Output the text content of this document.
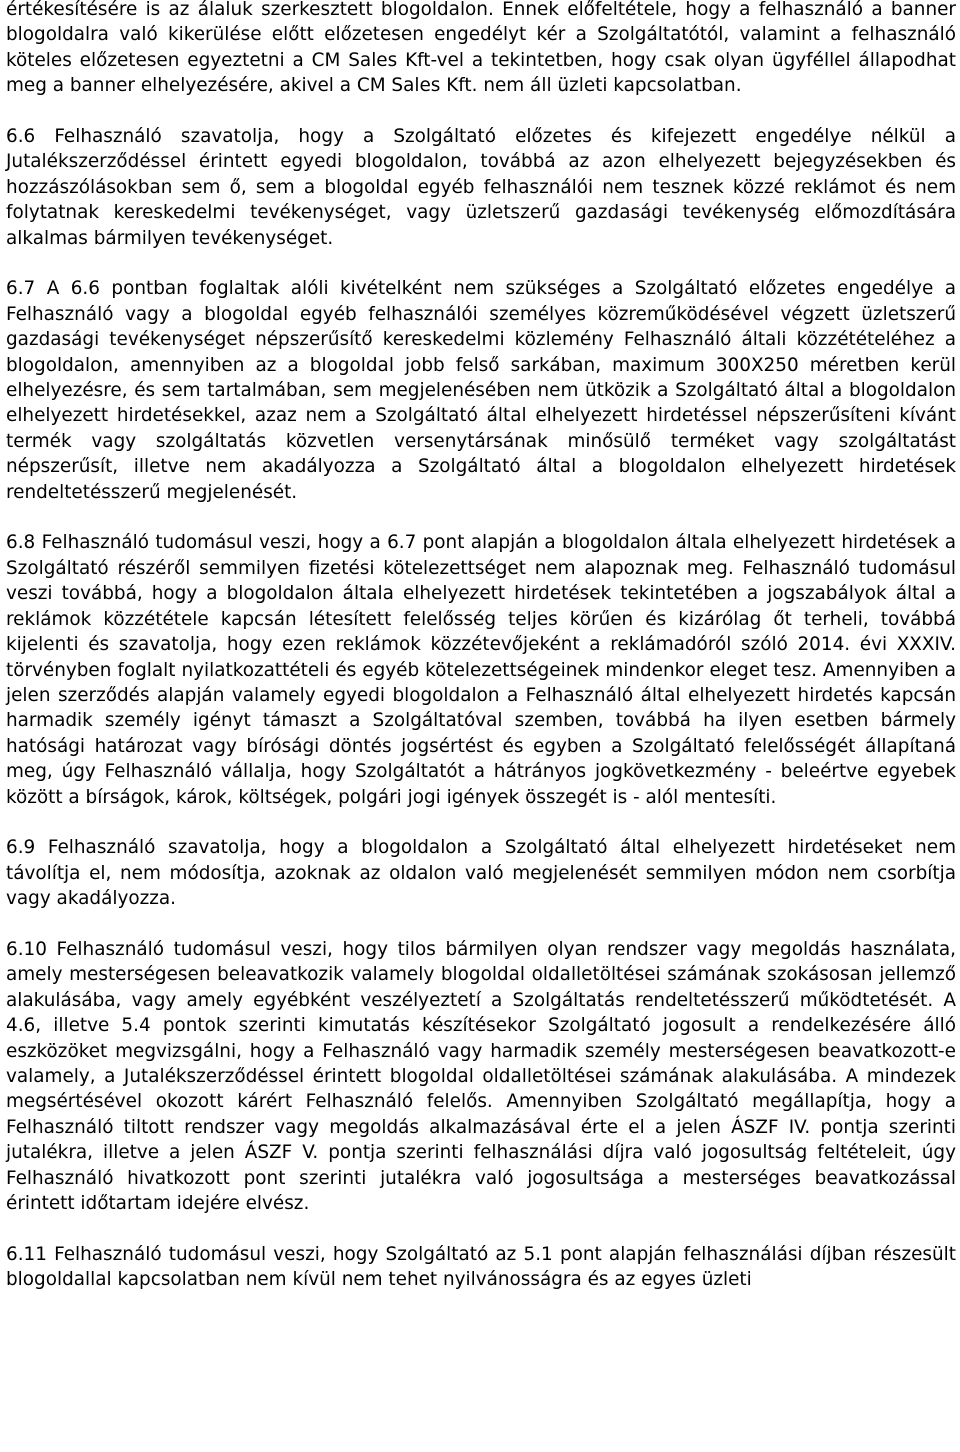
értékesítésére is az álaluk szerkesztett blogoldalon. Ennek előfeltétele, hogy a felhasználó a banner blogoldalra való kikerülése előtt előzetesen engedélyt kér a Szolgáltatótól, valamint a felhasználó köteles előzetesen egyeztetni a CM Sales Kft-vel a tekintetben, hogy csak olyan ügyféllel állapodhat meg a banner elhelyezésére, akivel a CM Sales Kft. nem áll üzleti kapcsolatban.

6.6 Felhasználó szavatolja, hogy a Szolgáltató előzetes és kifejezett engedélye nélkül a Jutalékszerződéssel érintett egyedi blogoldalon, továbbá az azon elhelyezett bejegyzésekben és hozzászólásokban sem ő, sem a blogoldal egyéb felhasználói nem tesznek közzé reklámot és nem folytatnak kereskedelmi tevékenységet, vagy üzletszerű gazdasági tevékenység előmozdítására alkalmas bármilyen tevékenységet.

6.7 A 6.6 pontban foglaltak alóli kivételként nem szükséges a Szolgáltató előzetes engedélye a Felhasználó vagy a blogoldal egyéb felhasználói személyes közreműködésével végzett üzletszerű gazdasági tevékenységet népszerűsítő kereskedelmi közlemény Felhasználó általi közzétételéhez a blogoldalon, amennyiben az a blogoldal jobb felső sarkában, maximum 300X250 méretben kerül elhelyezésre, és sem tartalmában, sem megjelenésében nem ütközik a Szolgáltató által a blogoldalon elhelyezett hirdetésekkel, azaz nem a Szolgáltató által elhelyezett hirdetéssel népszerűsíteni kívánt termék vagy szolgáltatás közvetlen versenytársának minősülő terméket vagy szolgáltatást népszerűsít, illetve nem akadályozza a Szolgáltató által a blogoldalon elhelyezett hirdetések rendeltetésszerű megjelenését.

6.8 Felhasználó tudomásul veszi, hogy a 6.7 pont alapján a blogoldalon általa elhelyezett hirdetések a Szolgáltató részéről semmilyen fizetési kötelezettséget nem alapoznak meg. Felhasználó tudomásul veszi továbbá, hogy a blogoldalon általa elhelyezett hirdetések tekintetében a jogszabályok által a reklámok közzététele kapcsán létesített felelősség teljes körűen és kizárólag őt terheli, továbbá kijelenti és szavatolja, hogy ezen reklámok közzétevőjeként a reklámadóról szóló 2014. évi XXXIV. törvényben foglalt nyilatkozattételi és egyéb kötelezettségeinek mindenkor eleget tesz. Amennyiben a jelen szerződés alapján valamely egyedi blogoldalon a Felhasználó által elhelyezett hirdetés kapcsán harmadik személy igényt támaszt a Szolgáltatóval szemben, továbbá ha ilyen esetben bármely hatósági határozat vagy bírósági döntés jogsértést és egyben a Szolgáltató felelősségét állapítaná meg, úgy Felhasználó vállalja, hogy Szolgáltatót a hátrányos jogkövetkezmény - beleértve egyebek között a bírságok, károk, költségek, polgári jogi igények összegét is - alól mentesíti.

6.9 Felhasználó szavatolja, hogy a blogoldalon a Szolgáltató által elhelyezett hirdetéseket nem távolítja el, nem módosítja, azoknak az oldalon való megjelenését semmilyen módon nem csorbítja vagy akadályozza.

6.10 Felhasználó tudomásul veszi, hogy tilos bármilyen olyan rendszer vagy megoldás használata, amely mesterségesen beleavatkozik valamely blogoldal oldalletöltései számának szokásosan jellemző alakulásába, vagy amely egyébként veszélyeztetí a Szolgáltatás rendeltetésszerű működtetését. A 4.6, illetve 5.4 pontok szerinti kimutatás készítésekor Szolgáltató jogosult a rendelkezésére álló eszközöket megvizsgálni, hogy a Felhasználó vagy harmadik személy mesterségesen beavatkozott-e valamely, a Jutalékszerződéssel érintett blogoldal oldalletöltései számának alakulásába. A mindezek megsértésével okozott kárért Felhasználó felelős. Amennyiben Szolgáltató megállapítja, hogy a Felhasználó tiltott rendszer vagy megoldás alkalmazásával érte el a jelen ÁSZF IV. pontja szerinti jutalékra, illetve a jelen ÁSZF V. pontja szerinti felhasználási díjra való jogosultság feltételeit, úgy Felhasználó hivatkozott pont szerinti jutalékra való jogosultsága a mesterséges beavatkozással érintett időtartam idejére elvész.

6.11 Felhasználó tudomásul veszi, hogy Szolgáltató az 5.1 pont alapján felhasználási díjban részesült blogoldallal kapcsolatban nem kívül nem tehet nyilvánosságra és az egyes üzleti
